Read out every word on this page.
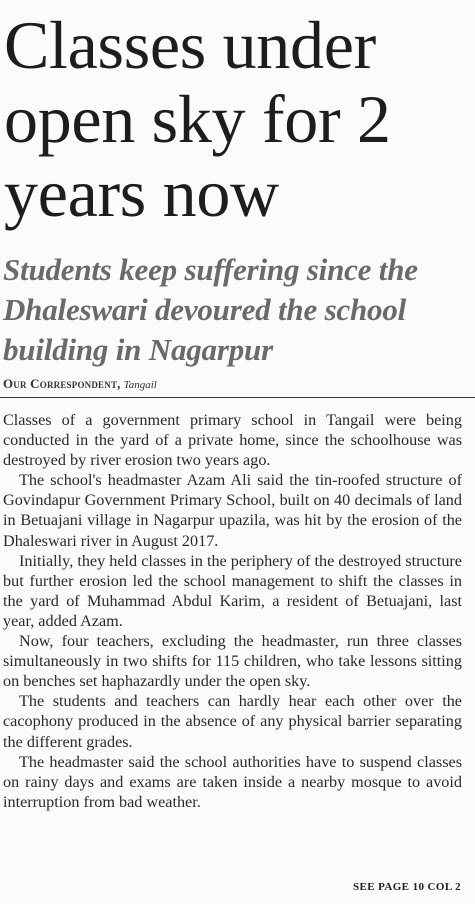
Classes under open sky for 2 years now
Students keep suffering since the Dhaleswari devoured the school building in Nagarpur
Our Correspondent, Tangail

Classes of a government primary school in Tangail were being conducted in the yard of a private home, since the schoolhouse was destroyed by river erosion two years ago.

The school's headmaster Azam Ali said the tin-roofed structure of Govindapur Government Primary School, built on 40 decimals of land in Betuajani village in Nagarpur upazila, was hit by the erosion of the Dhaleswari river in August 2017.

Initially, they held classes in the periphery of the destroyed structure but further erosion led the school management to shift the classes in the yard of Muhammad Abdul Karim, a resident of Betuajani, last year, added Azam.

Now, four teachers, excluding the headmaster, run three classes simultaneously in two shifts for 115 children, who take lessons sitting on benches set haphazardly under the open sky.

The students and teachers can hardly hear each other over the cacophony produced in the absence of any physical barrier separating the different grades.

The headmaster said the school authorities have to suspend classes on rainy days and exams are taken inside a nearby mosque to avoid interruption from bad weather.

SEE PAGE 10 COL 2
